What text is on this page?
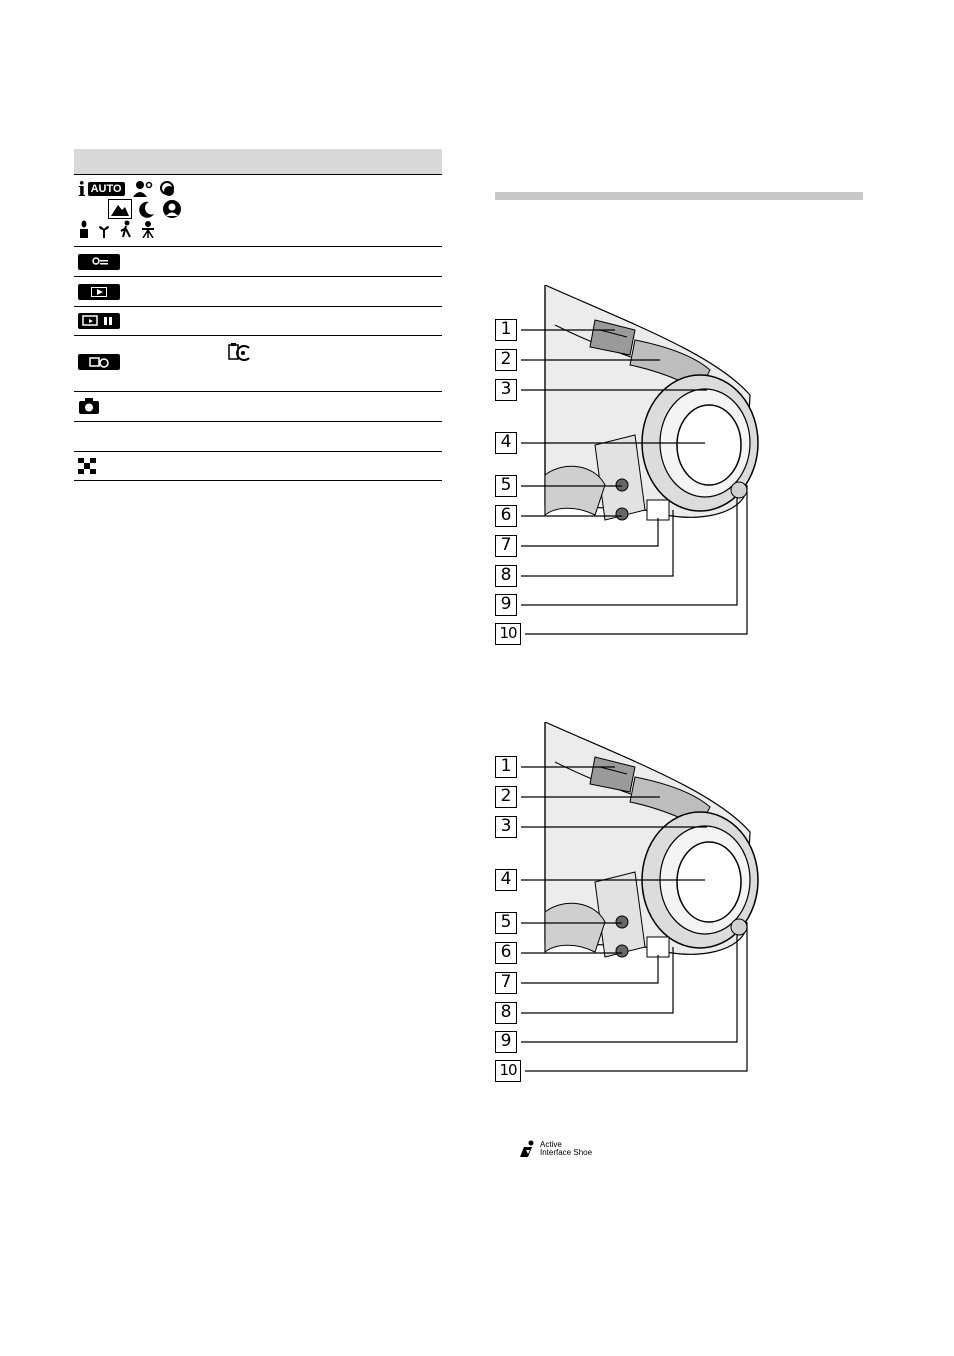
i AUTO
1
2
3
4
5
6
7
8
9
10
1
2
3
4
5
6
7
8
9
10
Active
Interface Shoe
